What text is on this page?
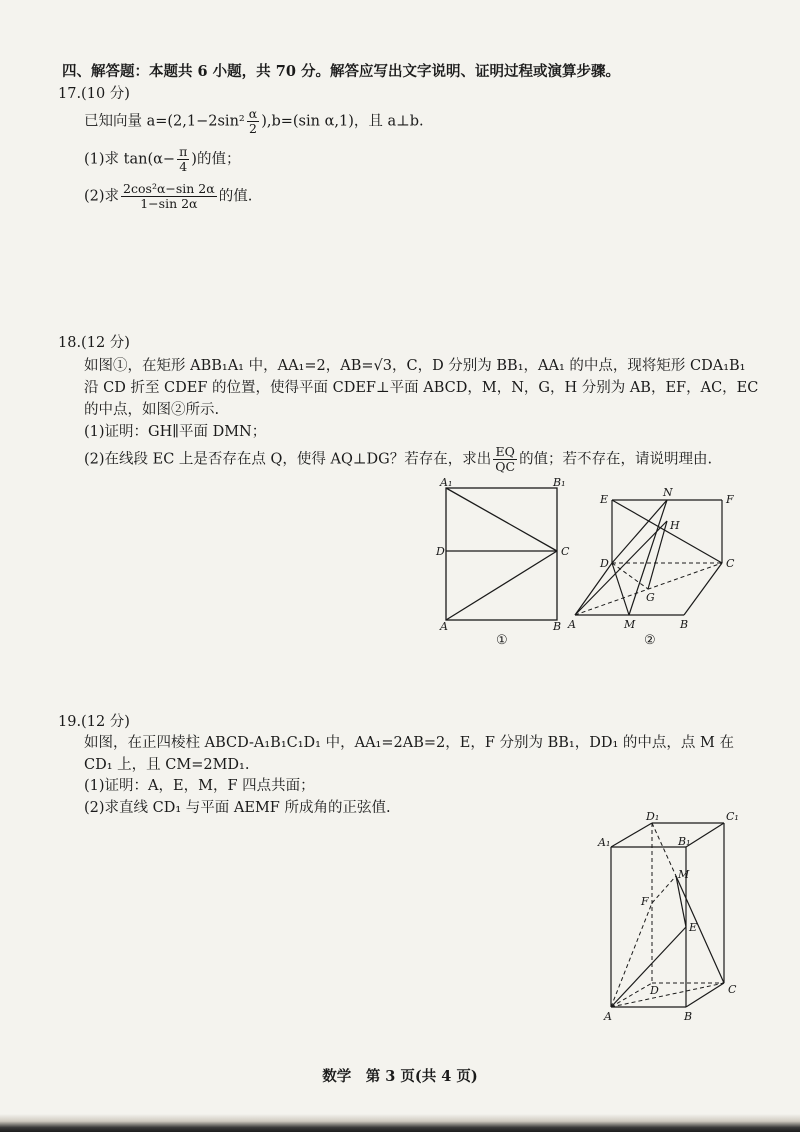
四、解答题：本题共 6 小题，共 70 分。解答应写出文字说明、证明过程或演算步骤。
17.(10 分)
已知向量 $a=(2,1-2\sin^2 \frac{\alpha}{2} ),b=(\sin$ α,1)，且 a⊥b.
(1)求 $\tan(\alpha- \frac{\pi}{4}$ )的值；
(2)求 $\frac{\text{2cos²α−sin 2α}}{1-\sin 2\alpha}$ 的值.
18.(12 分)
如图①，在矩形 ABB₁A₁ 中，AA₁=2，AB=√3，C，D 分别为 BB₁，AA₁ 的中点，现将矩形 CDA₁B₁
沿 CD 折至 CDEF 的位置，使得平面 CDEF⊥平面 ABCD，M，N，G，H 分别为 AB，EF，AC，EC
的中点，如图②所示.
(1)证明：GH∥平面 DMN；
(2)在线段 EC 上是否存在点 Q，使得 AQ⊥DG？若存在，求出 $\frac{EQ}{QC}$ 的值；若不存在，请说明理由.
A₁	B₁
D	C
A	B
①
E
N
F
H
D	C
G
A	M	B
②
19.(12 分)
如图，在正四棱柱 ABCD-A₁B₁C₁D₁ 中，AA₁=2AB=2，E，F 分别为 BB₁，DD₁ 的中点，点 M 在
CD₁ 上，且 CM=2MD₁.
(1)证明：A，E，M，F 四点共面；
(2)求直线 CD₁ 与平面 AEMF 所成角的正弦值.
D₁	C₁
A₁	B₁
M
F
E
D	C
A	B
数学　第 3 页(共 4 页)
